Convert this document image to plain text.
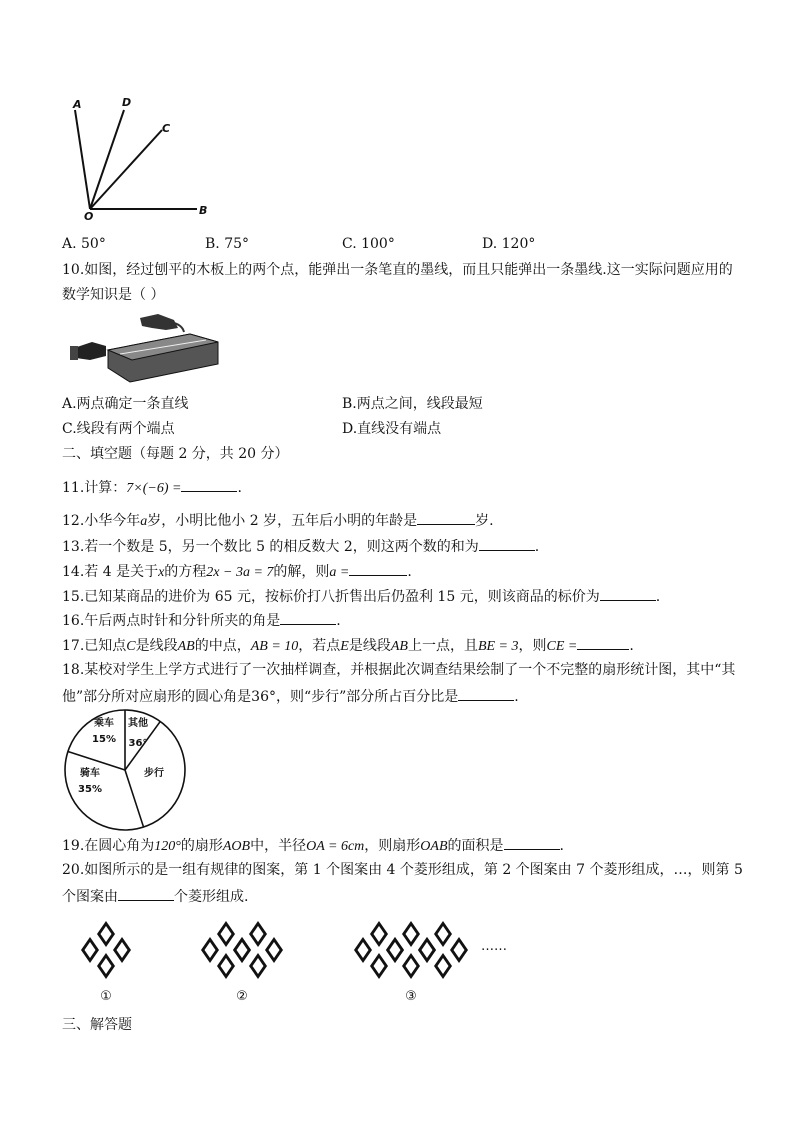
A	D
C
O	B
A. 50°	B. 75°	C. 100°	D. 120°
10.如图，经过刨平的木板上的两个点，能弹出一条笔直的墨线，而且只能弹出一条墨线.这一实际问题应用的
数学知识是（ ）
A.两点确定一条直线	B.两点之间，线段最短
C.线段有两个端点	D.直线没有端点
二、填空题（每题 2 分，共 20 分）
11.计算：7×(−6) =	.
12.小华今年a岁，小明比他小 2 岁，五年后小明的年龄是	岁.
13.若一个数是 5，另一个数比 5 的相反数大 2，则这两个数的和为	.
14.若 4 是关于x的方程2x − 3a = 7的解，则a =	.
15.已知某商品的进价为 65 元，按标价打八折售出后仍盈利 15 元，则该商品的标价为	.
16.午后两点时针和分针所夹的角是	.
17.已知点C是线段AB的中点，AB = 10，若点E是线段AB上一点，且BE = 3，则CE =	.
18.某校对学生上学方式进行了一次抽样调查，并根据此次调查结果绘制了一个不完整的扇形统计图，其中“其
他”部分所对应扇形的圆心角是36°，则“步行”部分所占百分比是	.
其他
36°
步行
骑车
35%
乘车
15%
19.在圆心角为120°的扇形AOB中，半径OA = 6cm，则扇形OAB的面积是	.
20.如图所示的是一组有规律的图案，第 1 个图案由 4 个菱形组成，第 2 个图案由 7 个菱形组成，…，则第 5
个图案由	个菱形组成.
①	②	③
……
三、解答题
